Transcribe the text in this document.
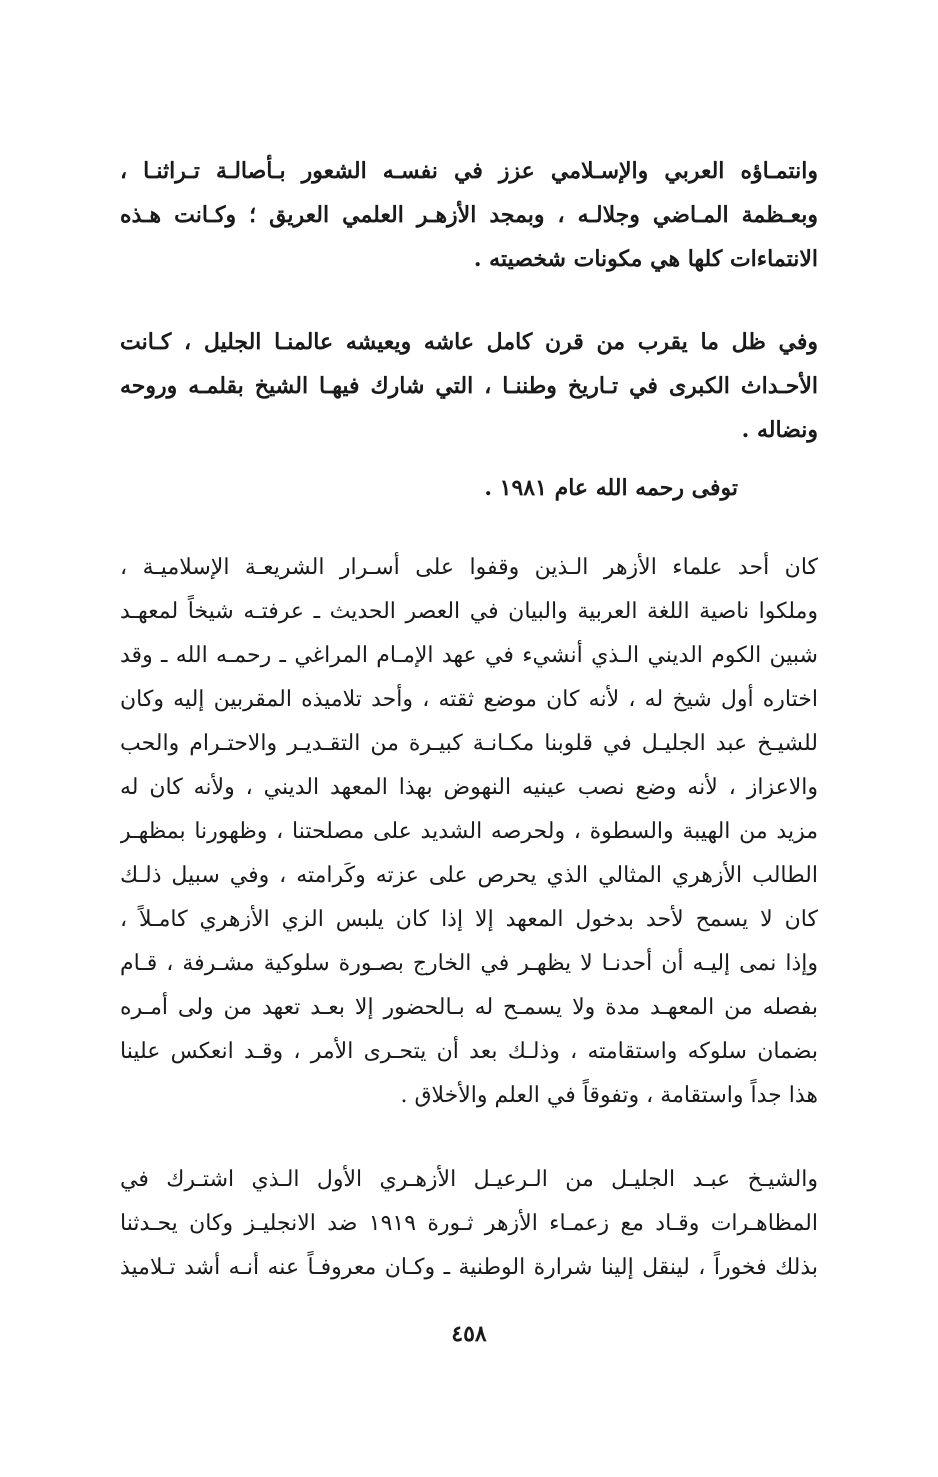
وانتمـاؤه العربي والإسـلامي عزز في نفسـه الشعور بـأصالـة تـراثنـا ،
وبعـظمة المـاضي وجلالـه ، وبمجد الأزهـر العلمي العريق ؛ وكـانت هـذه
الانتماءات كلها هي مكونات شخصيته .
وفي ظل ما يقرب من قرن كامل عاشه ويعيشه عالمنـا الجليل ، كـانت
الأحـداث الكبرى في تـاريخ وطننـا ، التي شارك فيهـا الشيخ بقلمـه وروحه
ونضاله .
توفى رحمه الله عام ١٩٨١ .
كان أحد علماء الأزهر الـذين وقفوا على أسـرار الشريعـة الإسلاميـة ،
وملكوا ناصية اللغة العربية والبيان في العصر الحديث ـ عرفتـه شيخاً لمعهـد
شبين الكوم الديني الـذي أنشيء في عهد الإمـام المراغي ـ رحمـه الله ـ وقد
اختاره أول شيخ له ، لأنه كان موضع ثقته ، وأحد تلاميذه المقربين إليه وكان
للشيـخ عبد الجليـل في قلوبنا مكـانـة كبيـرة من التقـديـر والاحتـرام والحب
والاعزاز ، لأنه وضع نصب عينيه النهوض بهذا المعهد الديني ، ولأنه كان له
مزيد من الهيبة والسطوة ، ولحرصه الشديد على مصلحتنا ، وظهورنا بمظهـر
الطالب الأزهري المثالي الذي يحرص على عزته وكَرامته ، وفي سبيل ذلـك
كان لا يسمح لأحد بدخول المعهد إلا إذا كان يلبس الزي الأزهري كامـلاً ،
وإذا نمى إليـه أن أحدنـا لا يظهـر في الخارج بصـورة سلوكية مشـرفة ، قـام
بفصله من المعهـد مدة ولا يسمـح له بـالحضور إلا بعـد تعهد من ولى أمـره
بضمان سلوكه واستقامته ، وذلـك بعد أن يتحـرى الأمر ، وقـد انعكس علينا
هذا جداً واستقامة ، وتفوقاً في العلم والأخلاق .
والشيـخ عبـد الجليـل من الـرعيـل الأزهـري الأول الـذي اشتـرك في
المظاهـرات وقـاد مع زعمـاء الأزهر ثـورة ١٩١٩ ضد الانجليـز وكان يحـدثنا
بذلك فخوراً ، لينقل إلينا شرارة الوطنية ـ وكـان معروفـاً عنه أنـه أشد تـلاميذ
٤٥٨
